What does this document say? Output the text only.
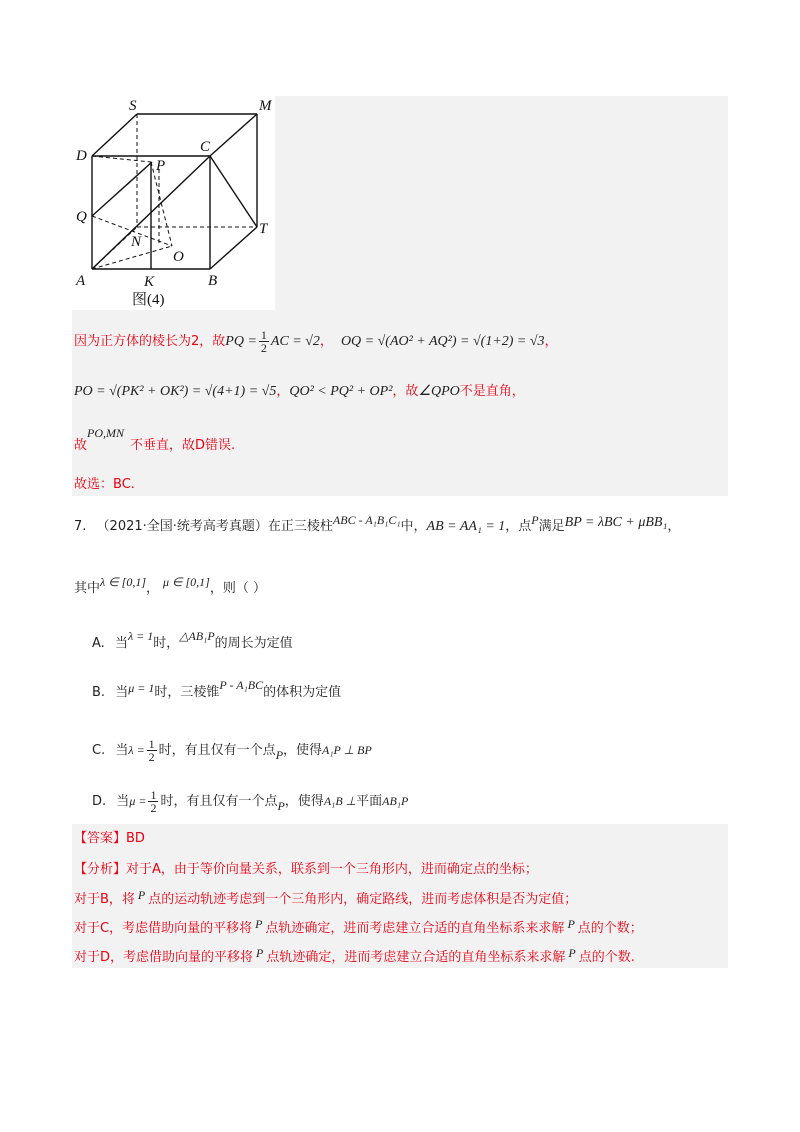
S	M
D
C
P
Q
N
O
T
A	K	B
图(4)
因为正方体的棱长为2，故PQ = $\frac{1}{2}$ AC = √2， OQ = √(AO² + AQ²) = √(1+2) = √3，
PO = √(PK² + OK²) = √(4+1) = √5，QO² < PQ² + OP²，故∠QPO不是直角，
故PO,MN不垂直，故D错误.
故选：BC.
7. （2021·全国·统考高考真题）在正三棱柱ABC - A₁B₁C₁中，AB = AA₁ = 1，点P满足BP = λBC + μBB₁，
其中λ ∈ [0,1]， μ ∈ [0,1]，则（ ）
A. 当λ = 1时，△AB₁P的周长为定值
B. 当μ = 1时，三棱锥P - A₁BC的体积为定值
C. 当$\lambda = \frac{1}{2}$ 时，有且仅有一个点P，使得A₁P ⊥ BP
D. 当$\mu = \frac{1}{2}$ 时，有且仅有一个点P，使得A₁B ⊥平面AB₁P
【答案】BD
【分析】对于A，由于等价向量关系，联系到一个三角形内，进而确定点的坐标；
对于B，将 P 点的运动轨迹考虑到一个三角形内，确定路线，进而考虑体积是否为定值；
对于C，考虑借助向量的平移将 P 点轨迹确定，进而考虑建立合适的直角坐标系来求解 P 点的个数；
对于D，考虑借助向量的平移将 P 点轨迹确定，进而考虑建立合适的直角坐标系来求解 P 点的个数.
